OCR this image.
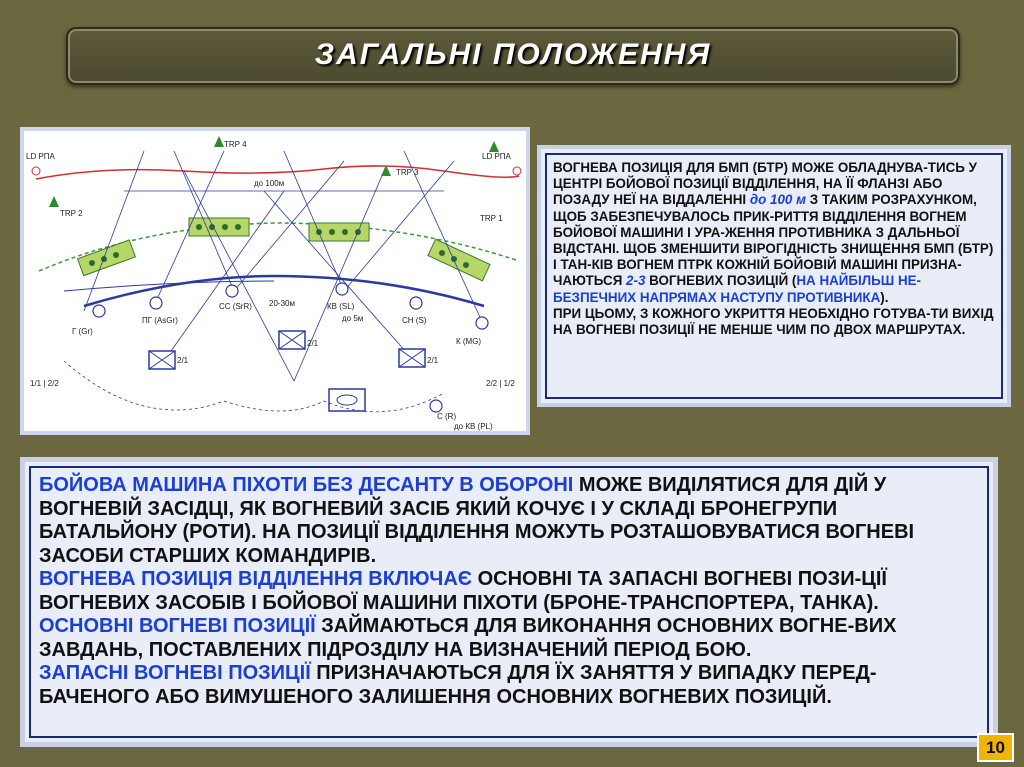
ЗАГАЛЬНІ ПОЛОЖЕННЯ
LD РПА	LD РПА
TRP 4
TRP 3
TRP 2
TRP 1
до 100м
20-30м
до 5м
Г (Gr)
ПГ (AsGr)
СС (SrR)	КВ (SL)
СН (S)
К (MG)
С (R)
до КВ (PL)
1/1 | 2/2	2/2 | 1/2
2/1
2/1
2/1
ВОГНЕВА ПОЗИЦІЯ ДЛЯ БМП (БТР) МОЖЕ ОБЛАДНУВА-ТИСЬ У ЦЕНТРІ БОЙОВОЇ ПОЗИЦІЇ ВІДДІЛЕННЯ, НА ЇЇ ФЛАНЗІ АБО ПОЗАДУ НЕЇ НА ВІДДАЛЕННІ до 100 м З ТАКИМ РОЗРАХУНКОМ, ЩОБ ЗАБЕЗПЕЧУВАЛОСЬ ПРИК-РИТТЯ ВІДДІЛЕННЯ ВОГНЕМ БОЙОВОЇ МАШИНИ І УРА-ЖЕННЯ ПРОТИВНИКА З ДАЛЬНЬОЇ ВІДСТАНІ. ЩОБ ЗМЕНШИТИ ВІРОГІДНІСТЬ ЗНИЩЕННЯ БМП (БТР) І ТАН-КІВ ВОГНЕМ ПТРК КОЖНІЙ БОЙОВІЙ МАШИНІ ПРИЗНА-ЧАЮТЬСЯ 2-3 ВОГНЕВИХ ПОЗИЦІЙ (НА НАЙБІЛЬШ НЕ-БЕЗПЕЧНИХ НАПРЯМАХ НАСТУПУ ПРОТИВНИКА).
ПРИ ЦЬОМУ, З КОЖНОГО УКРИТТЯ НЕОБХІДНО ГОТУВА-ТИ ВИХІД НА ВОГНЕВІ ПОЗИЦІЇ НЕ МЕНШЕ ЧИМ ПО ДВОХ МАРШРУТАХ.
БОЙОВА МАШИНА ПІХОТИ БЕЗ ДЕСАНТУ В ОБОРОНІ МОЖЕ ВИДІЛЯТИСЯ ДЛЯ ДІЙ У ВОГНЕВІЙ ЗАСІДЦІ, ЯК ВОГНЕВИЙ ЗАСІБ ЯКИЙ КОЧУЄ І У СКЛАДІ БРОНЕГРУПИ БАТАЛЬЙОНУ (РОТИ). НА ПОЗИЦІЇ ВІДДІЛЕННЯ МОЖУТЬ РОЗТАШОВУВАТИСЯ ВОГНЕВІ ЗАСОБИ СТАРШИХ КОМАНДИРІВ.
ВОГНЕВА ПОЗИЦІЯ ВІДДІЛЕННЯ ВКЛЮЧАЄ ОСНОВНІ ТА ЗАПАСНІ ВОГНЕВІ ПОЗИ-ЦІЇ ВОГНЕВИХ ЗАСОБІВ І БОЙОВОЇ МАШИНИ ПІХОТИ (БРОНЕ-ТРАНСПОРТЕРА, ТАНКА).
ОСНОВНІ ВОГНЕВІ ПОЗИЦІЇ ЗАЙМАЮТЬСЯ ДЛЯ ВИКОНАННЯ ОСНОВНИХ ВОГНЕ-ВИХ ЗАВДАНЬ, ПОСТАВЛЕНИХ ПІДРОЗДІЛУ НА ВИЗНАЧЕНИЙ ПЕРІОД БОЮ.
ЗАПАСНІ ВОГНЕВІ ПОЗИЦІЇ ПРИЗНАЧАЮТЬСЯ ДЛЯ ЇХ ЗАНЯТТЯ У ВИПАДКУ ПЕРЕД-БАЧЕНОГО АБО ВИМУШЕНОГО ЗАЛИШЕННЯ ОСНОВНИХ ВОГНЕВИХ ПОЗИЦІЙ.
10
